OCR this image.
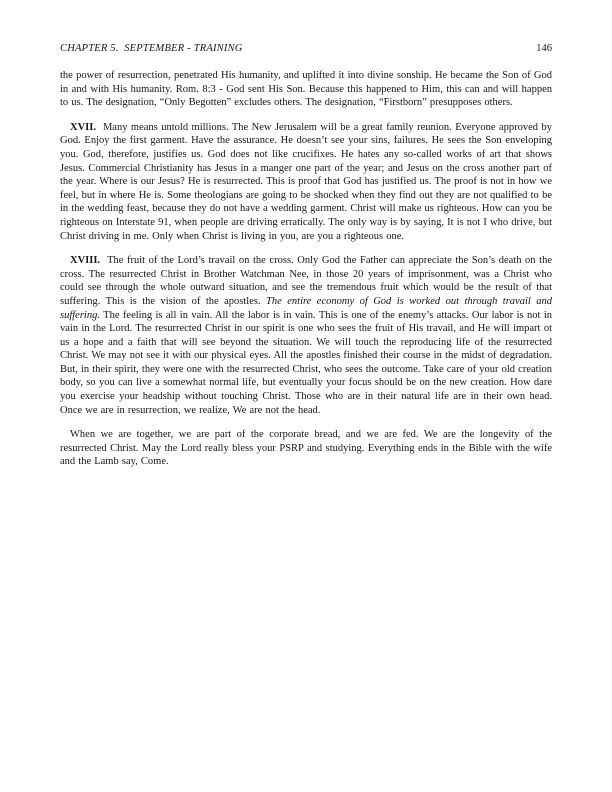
CHAPTER 5.  SEPTEMBER - TRAINING	146

the power of resurrection, penetrated His humanity, and uplifted it into divine sonship. He became the Son of God in and with His humanity. Rom. 8:3 - God sent His Son. Because this happened to Him, this can and will happen to us. The designation, “Only Begotten” excludes others. The designation, “Firstborn” presupposes others.

XVII. Many means untold millions. The New Jerusalem will be a great family reunion. Everyone approved by God. Enjoy the first garment. Have the assurance. He doesn’t see your sins, failures. He sees the Son enveloping you. God, therefore, justifies us. God does not like crucifixes. He hates any so-called works of art that shows Jesus. Commercial Christianity has Jesus in a manger one part of the year; and Jesus on the cross another part of the year. Where is our Jesus? He is resurrected. This is proof that God has justified us. The proof is not in how we feel, but in where He is. Some theologians are going to be shocked when they find out they are not qualified to be in the wedding feast, because they do not have a wedding garment. Christ will make us righteous. How can you be righteous on Interstate 91, when people are driving erratically. The only way is by saying, It is not I who drive, but Christ driving in me. Only when Christ is living in you, are you a righteous one.

XVIII. The fruit of the Lord’s travail on the cross. Only God the Father can appreciate the Son’s death on the cross. The resurrected Christ in Brother Watchman Nee, in those 20 years of imprisonment, was a Christ who could see through the whole outward situation, and see the tremendous fruit which would be the result of that suffering. This is the vision of the apostles. The entire economy of God is worked out through travail and suffering. The feeling is all in vain. All the labor is in vain. This is one of the enemy’s attacks. Our labor is not in vain in the Lord. The resurrected Christ in our spirit is one who sees the fruit of His travail, and He will impart ot us a hope and a faith that will see beyond the situation. We will touch the reproducing life of the resurrected Christ. We may not see it with our physical eyes. All the apostles finished their course in the midst of degradation. But, in their spirit, they were one with the resurrected Christ, who sees the outcome. Take care of your old creation body, so you can live a somewhat normal life, but eventually your focus should be on the new creation. How dare you exercise your headship without touching Christ. Those who are in their natural life are in their own head. Once we are in resurrection, we realize, We are not the head.

When we are together, we are part of the corporate bread, and we are fed. We are the longevity of the resurrected Christ. May the Lord really bless your PSRP and studying. Everything ends in the Bible with the wife and the Lamb say, Come.
